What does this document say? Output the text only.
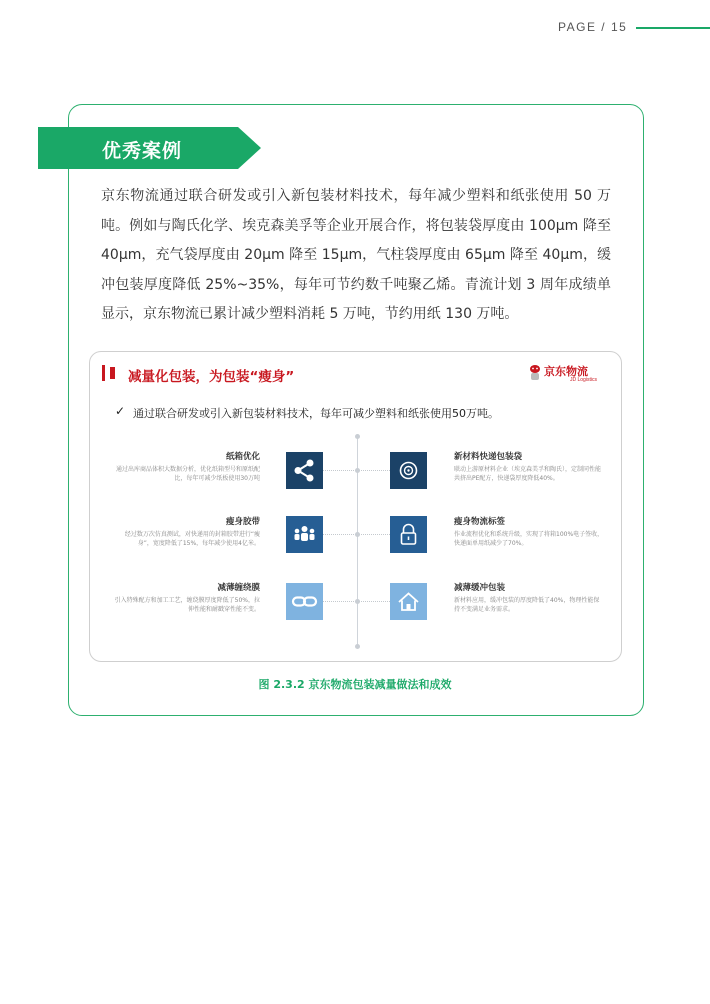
PAGE / 15
优秀案例
京东物流通过联合研发或引入新包装材料技术，每年减少塑料和纸张使用 50 万吨。例如与陶氏化学、埃克森美孚等企业开展合作，将包装袋厚度由 100μm 降至 40μm，充气袋厚度由 20μm 降至 15μm，气柱袋厚度由 65μm 降至 40μm，缓冲包装厚度降低 25%~35%，每年可节约数千吨聚乙烯。青流计划 3 周年成绩单显示，京东物流已累计减少塑料消耗 5 万吨，节约用纸 130 万吨。
减量化包装，为包装“瘦身”	京东物流
JD Logistics
✓ 通过联合研发或引入新包装材料技术，每年可减少塑料和纸张使用50万吨。
纸箱优化
通过出库商品体积大数据分析，优化纸箱型号和原纸配比，每年可减少纸板使用30万吨
瘦身胶带
经过数万次仿真测试，对快递用的封箱胶带进行“瘦身”，宽度降低了15%，每年减少使用4亿米。
减薄缠绕膜
引入特殊配方和加工工艺，缠绕膜厚度降低了50%，拉伸性能和耐戳穿性能不变。
新材料快递包装袋
联动上游原材料企业（埃克森美孚和陶氏），定制同性能共挤出PE配方，快递袋厚度降低40%。
瘦身物流标签
作业流程优化和系统升级，实现了将箱100%电子签收，快递面单用纸减少了70%。
减薄缓冲包装
新材料应用，缓冲包装的厚度降低了40%，物理性能保持不变满足业务需求。
图 2.3.2 京东物流包装减量做法和成效
